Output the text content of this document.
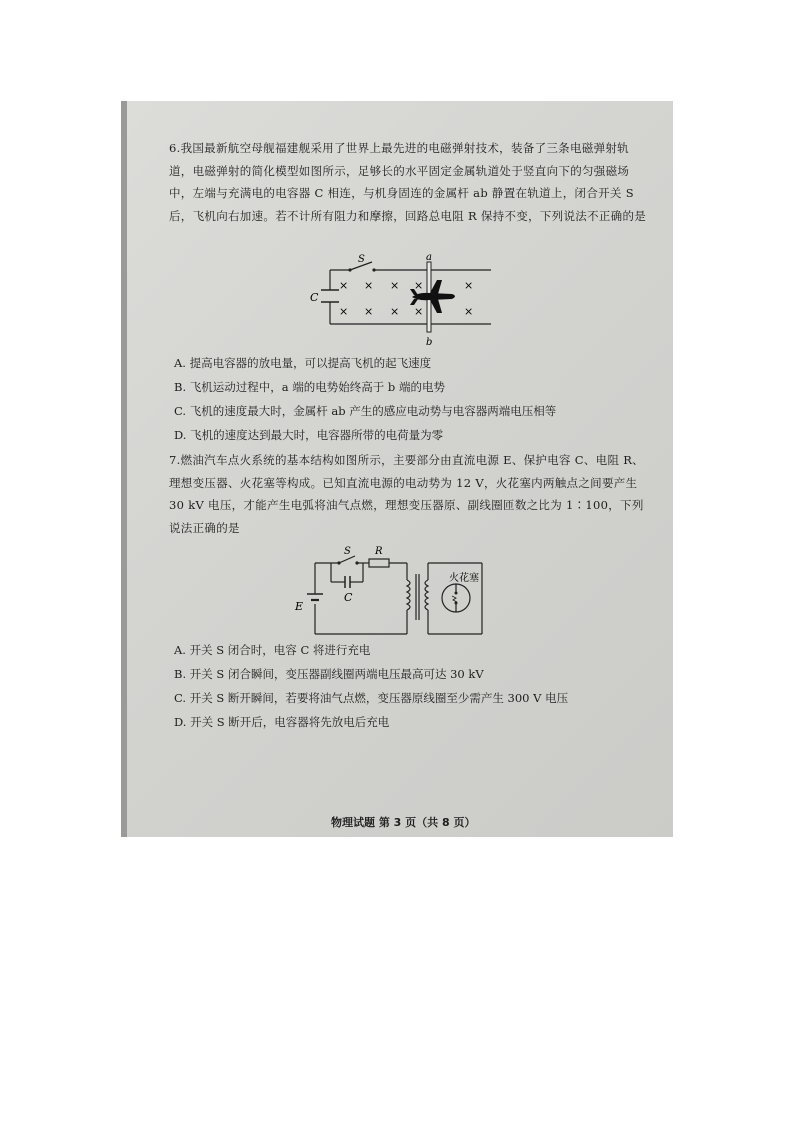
6.我国最新航空母舰福建舰采用了世界上最先进的电磁弹射技术，装备了三条电磁弹射轨道，电磁弹射的简化模型如图所示，足够长的水平固定金属轨道处于竖直向下的匀强磁场中，左端与充满电的电容器 C 相连，与机身固连的金属杆 ab 静置在轨道上，闭合开关 S 后，飞机向右加速。若不计所有阻力和摩擦，回路总电阻 R 保持不变，下列说法不正确的是

C
S
× × × ×	×
× × × ×	×
a
b
A. 提高电容器的放电量，可以提高飞机的起飞速度
B. 飞机运动过程中，a 端的电势始终高于 b 端的电势
C. 飞机的速度最大时，金属杆 ab 产生的感应电动势与电容器两端电压相等
D. 飞机的速度达到最大时，电容器所带的电荷量为零

7.燃油汽车点火系统的基本结构如图所示，主要部分由直流电源 E、保护电容 C、电阻 R、理想变压器、火花塞等构成。已知直流电源的电动势为 12 V，火花塞内两触点之间要产生 30 kV 电压，才能产生电弧将油气点燃，理想变压器原、副线圈匝数之比为 1∶100，下列说法正确的是

E
S
C
R
火花塞
A. 开关 S 闭合时，电容 C 将进行充电
B. 开关 S 闭合瞬间，变压器副线圈两端电压最高可达 30 kV
C. 开关 S 断开瞬间，若要将油气点燃，变压器原线圈至少需产生 300 V 电压
D. 开关 S 断开后，电容器将先放电后充电
物理试题 第 3 页（共 8 页）
